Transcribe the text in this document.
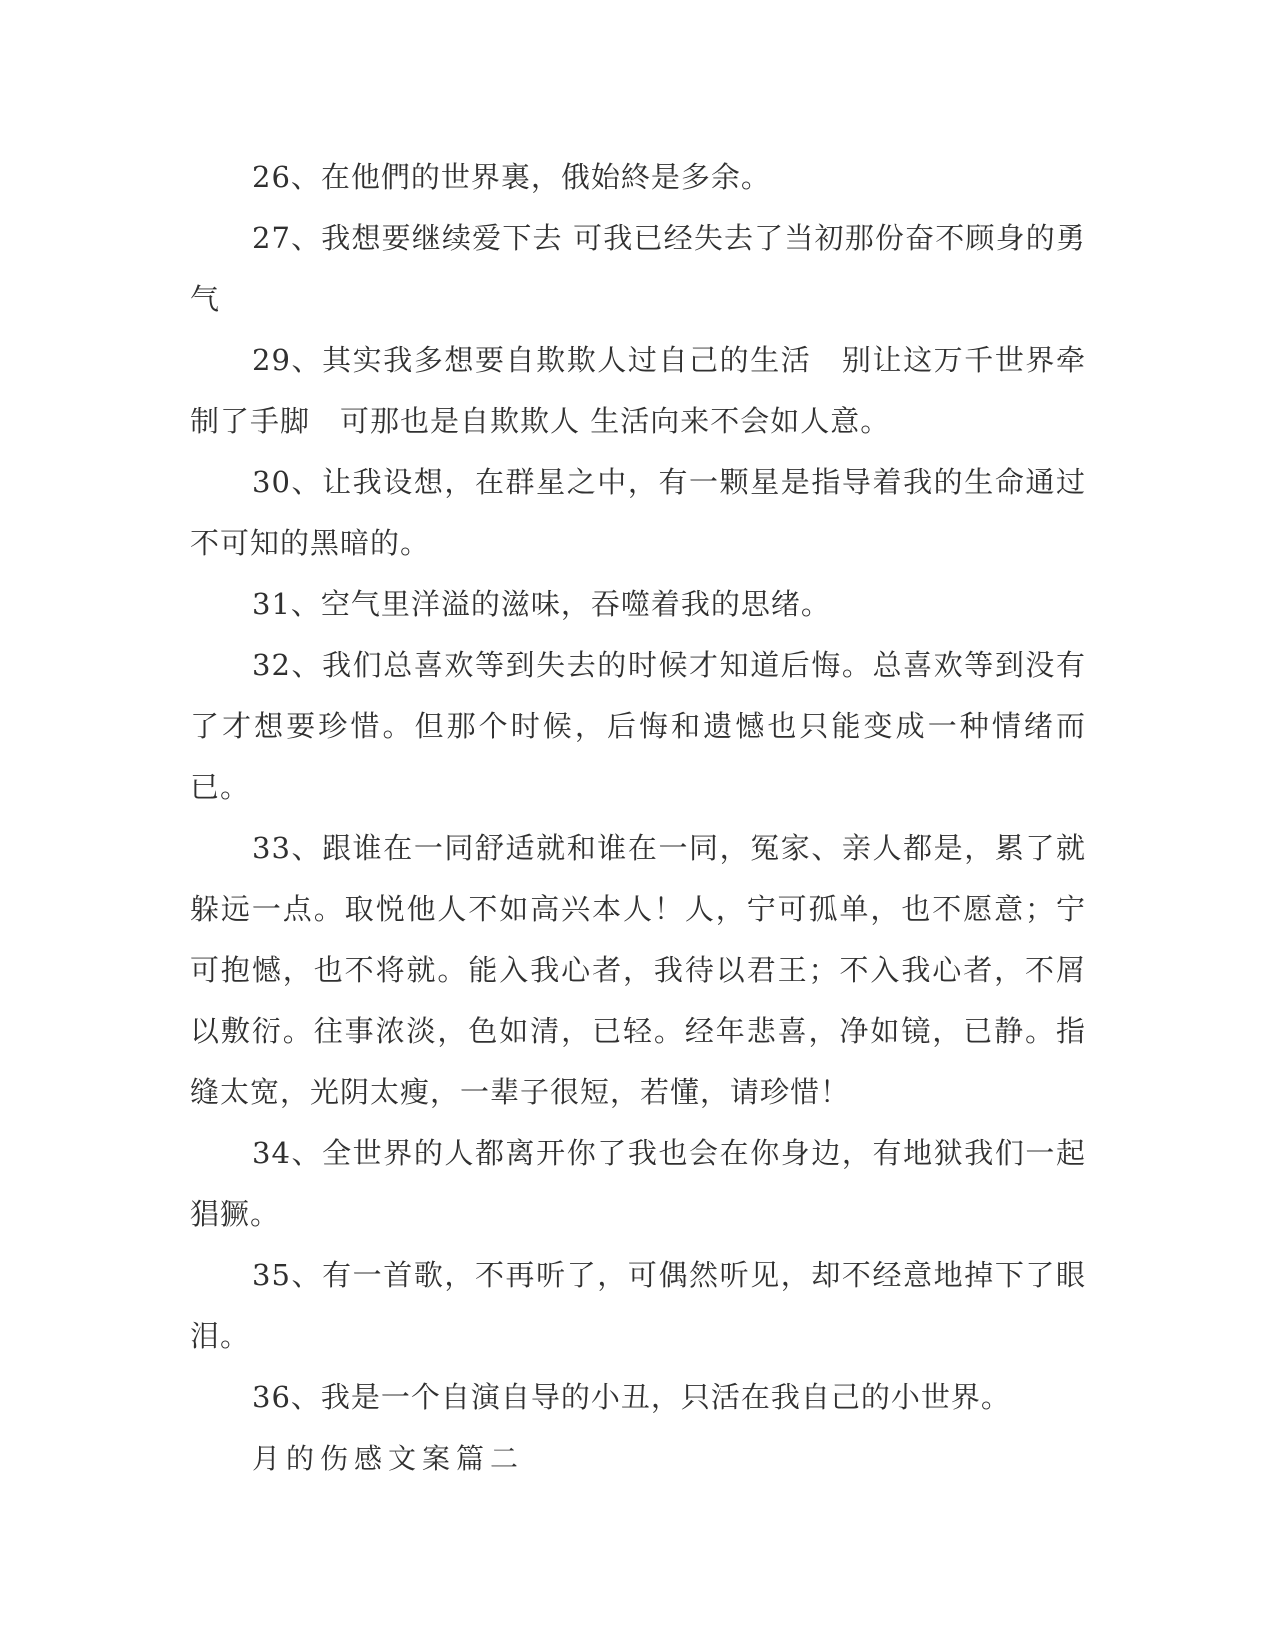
26、在他們的世界裏，俄始終是多余。

27、我想要继续爱下去 可我已经失去了当初那份奋不顾身的勇气

29、其实我多想要自欺欺人过自己的生活　别让这万千世界牵制了手脚　可那也是自欺欺人 生活向来不会如人意。

30、让我设想，在群星之中，有一颗星是指导着我的生命通过不可知的黑暗的。

31、空气里洋溢的滋味，吞噬着我的思绪。

32、我们总喜欢等到失去的时候才知道后悔。总喜欢等到没有了才想要珍惜。但那个时候，后悔和遗憾也只能变成一种情绪而已。

33、跟谁在一同舒适就和谁在一同，冤家、亲人都是，累了就躲远一点。取悦他人不如高兴本人！人，宁可孤单，也不愿意；宁可抱憾，也不将就。能入我心者，我待以君王；不入我心者，不屑以敷衍。往事浓淡，色如清，已轻。经年悲喜，净如镜，已静。指缝太宽，光阴太瘦，一辈子很短，若懂，请珍惜！

34、全世界的人都离开你了我也会在你身边，有地狱我们一起猖獗。

35、有一首歌，不再听了，可偶然听见，却不经意地掉下了眼泪。

36、我是一个自演自导的小丑，只活在我自己的小世界。

月的伤感文案篇二
